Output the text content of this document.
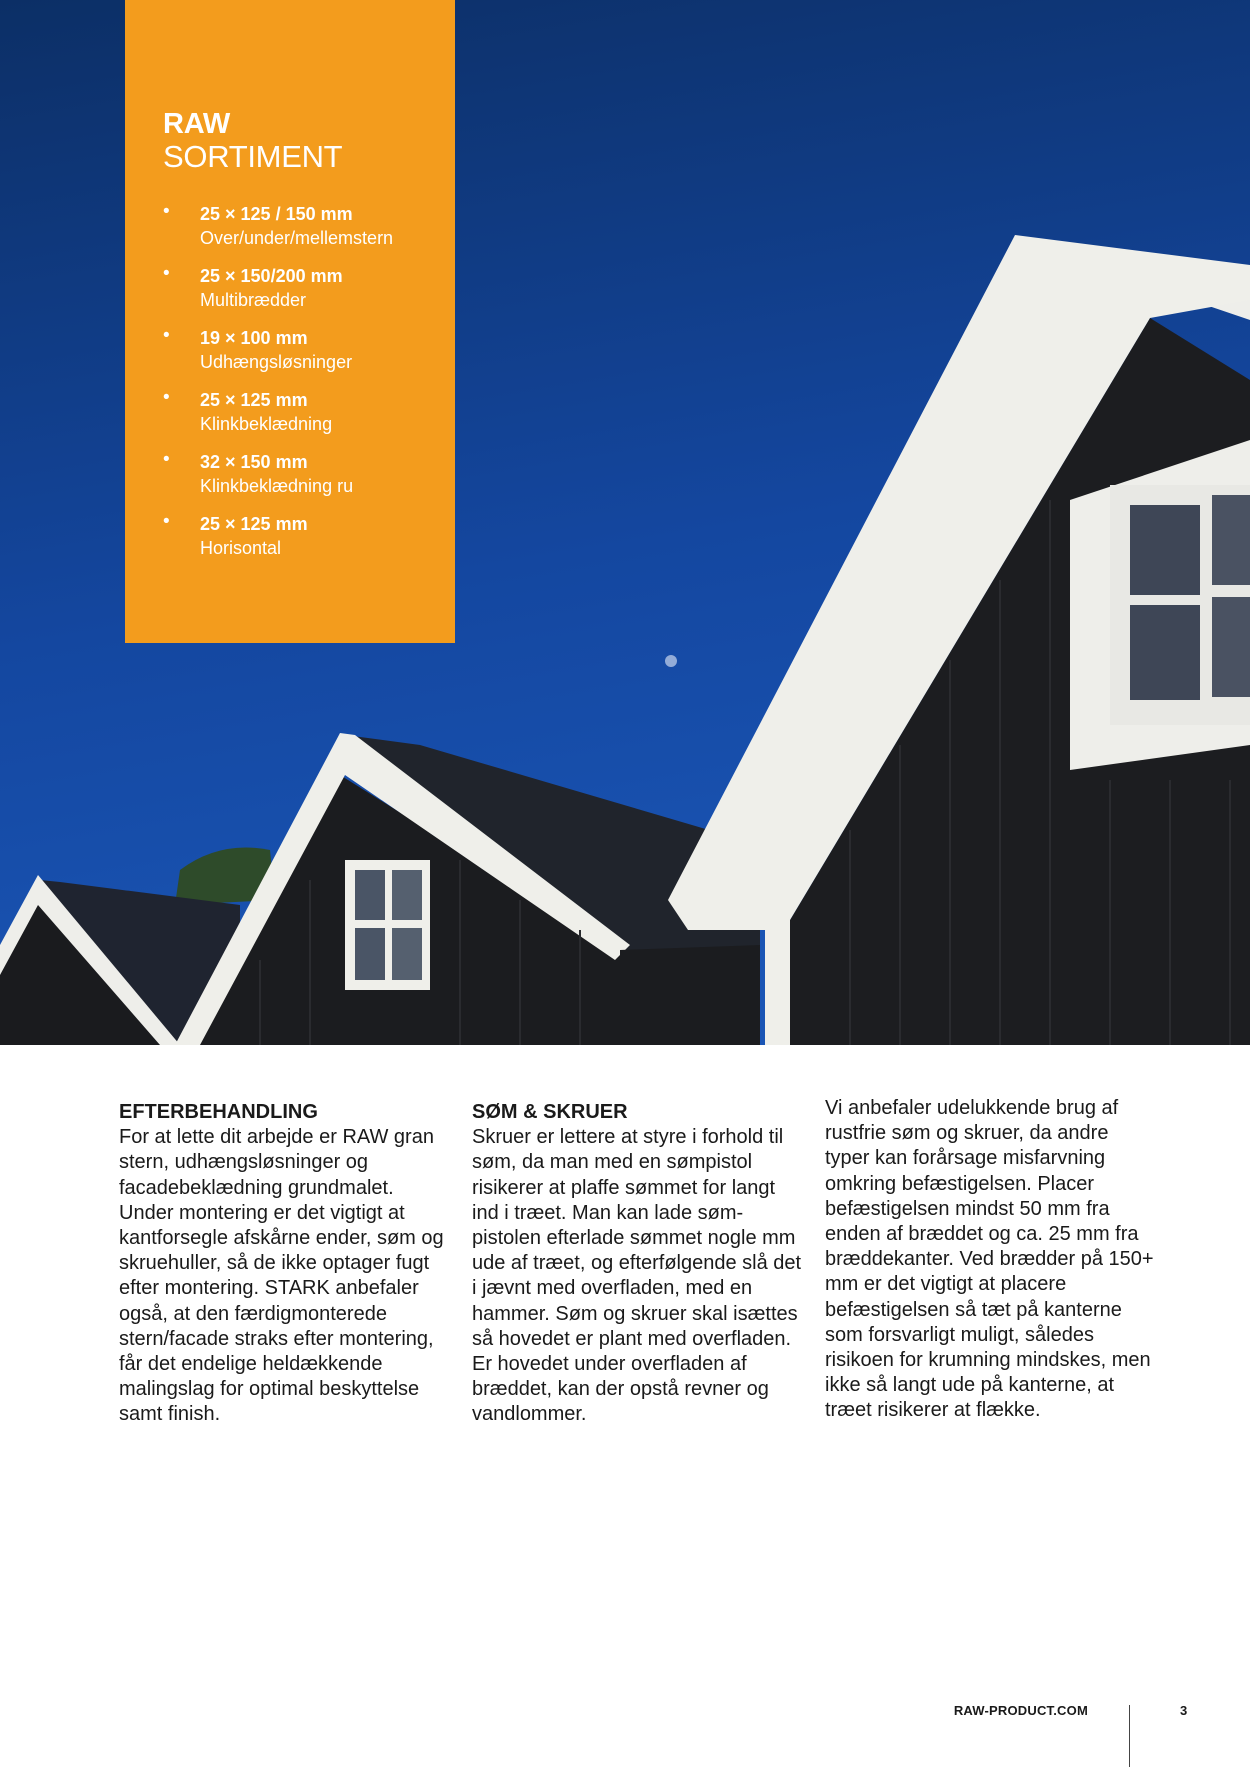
RAW
SORTIMENT
• 25 × 125 / 150 mm
Over/under/mellemstern
• 25 × 150/200 mm
Multibrædder
• 19 × 100 mm
Udhængsløsninger
• 25 × 125 mm
Klinkbeklædning
• 32 × 150 mm
Klinkbeklædning ru
• 25 × 125 mm
Horisontal
EFTERBEHANDLING

For at lette dit arbejde er RAW gran stern, udhængsløsninger og facadebeklædning grundmalet. Under montering er det vigtigt at kantforsegle afskårne ender, søm og skruehuller, så de ikke optager fugt efter montering. STARK anbefaler også, at den færdigmonterede stern/facade straks efter montering, får det endelige heldækkende malingslag for optimal beskyttelse samt finish.

SØM & SKRUER

Skruer er lettere at styre i forhold til søm, da man med en sømpistol risikerer at plaffe sømmet for langt ind i træet. Man kan lade søm-pistolen efterlade sømmet nogle mm ude af træet, og efterfølgende slå det i jævnt med overfladen, med en hammer. Søm og skruer skal isættes så hovedet er plant med overfladen. Er hovedet under overfladen af brædde​t, kan der opstå revner og vandlommer.

Vi anbefaler udelukkende brug af rustfrie søm og skruer, da andre typer kan forårsage misfarvning omkring befæstigelsen. Placer befæstigelsen mindst 50 mm fra enden af bræddet og ca. 25 mm fra bræddekanter. Ved brædder på 150+ mm er det vigtigt at placere befæstigelsen så tæt på kanterne som forsvarligt muligt, således risikoen for krumning mindskes, men ikke så langt ude på kanterne, at træet risikerer at flække.

RAW-PRODUCT.COM	3
